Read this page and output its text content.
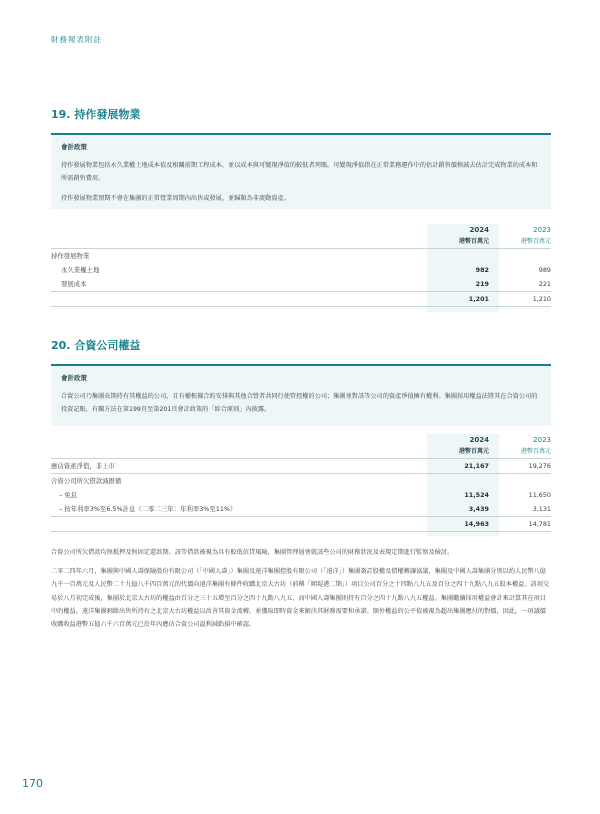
財務報表附註
19. 持作發展物業
會計政策

持作發展物業包括永久業權土地成本值及相關前期工程成本，並以成本與可變現淨值的較低者列賬。可變現淨值指在正常業務運作中的估計銷售價格減去估計完成物業的成本和所需銷售費用。

持作發展物業預期不會在集團的正常營業周期內出售或發展，並歸類為非流動資產。

2024	2023
港幣百萬元	港幣百萬元
持作發展物業
永久業權土地	982	989
發展成本	219	221
1,201	1,210
20. 合資公司權益
會計政策

合資公司乃集團長期持有其權益的公司，且有權根據合約安排與其他合營者共同行使管控權的公司；集團並對該等公司的資產淨值擁有權利。集團採用權益法將其在合資公司的投資記賬，有關方法在第199頁至第201頁會計政策的「綜合原則」內披露。

2024	2023
港幣百萬元	港幣百萬元
應佔資產淨值，非上市	21,167	19,276
合資公司所欠借款減撥備
– 免息	11,524	11,650
– 按年利率3%至6.5%計息（二零二三年：年利率3%至11%）	3,439	3,131
14,963	14,781

合資公司所欠借款均無抵押及無固定還款期。該等借款被視為具有較低信貸風險，集團管理層會就該些公司的財務狀況及表現定期進行監察及檢討。

二零二四年六月，集團與中國人壽保險股份有限公司（「中國人壽」）集團及遠洋集團控股有限公司（「遠洋」）集團簽訂股權及債權轉讓協議，集團及中國人壽集團分別以約人民幣八億九千一百萬元及人民幣二十九億八千四百萬元的代價向遠洋集團有條件收購北京大古坊（前稱「頤堤港二期」）項目公司百分之十四點八九五及百分之四十九點八九五股本權益。該項交易於八月初完成後，集團於北京大古坊的權益由百分之三十五增至百分之四十九點八九五，而中國人壽集團則持有百分之四十九點八九五權益。集團繼續採用權益會計來計算其在項目中的權益。遠洋集團剩餘出售所持有之北京大古坊權益以改善其資金流轉，並獲取即時資金來解決其財務需要和承諾。額外權益的公平值被視為超出集團應付的對價，因此，一項議價收購收益港幣五億六千六百萬元已於年內應佔合資公司溢利減虧損中確認。

170
